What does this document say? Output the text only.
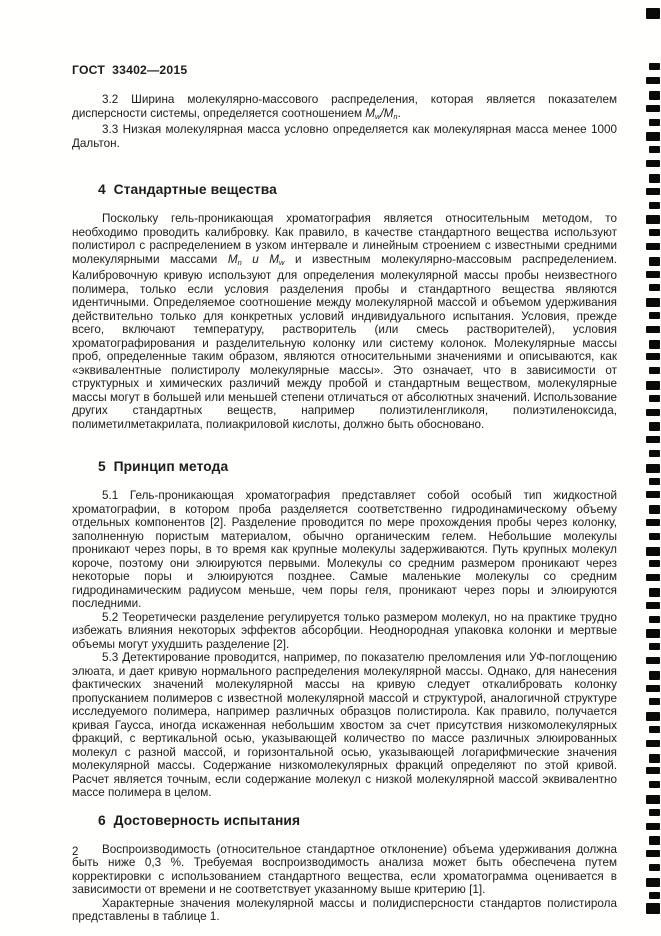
ГОСТ  33402—2015

3.2 Ширина молекулярно-массового распределения, которая является показателем дисперсности системы, определяется соотношением Mw/Mn.

3.3 Низкая молекулярная масса условно определяется как молекулярная масса менее 1000 Дальтон.

4  Стандартные вещества

Поскольку гель-проникающая хроматография является относительным методом, то необходимо проводить калибровку. Как правило, в качестве стандартного вещества используют полистирол с распределением в узком интервале и линейным строением с известными средними молекулярными массами Mn и Mw и известным молекулярно-массовым распределением. Калибровочную кривую используют для определения молекулярной массы пробы неизвестного полимера, только если условия разделения пробы и стандартного вещества являются идентичными. Определяемое соотношение между молекулярной массой и объемом удерживания действительно только для конкретных условий индивидуального испытания. Условия, прежде всего, включают температуру, растворитель (или смесь растворителей), условия хроматографирования и разделительную колонку или систему колонок. Молекулярные массы проб, определенные таким образом, являются относительными значениями и описываются, как «эквивалентные полистиролу молекулярные массы». Это означает, что в зависимости от структурных и химических различий между пробой и стандартным веществом, молекулярные массы могут в большей или меньшей степени отличаться от абсолютных значений. Использование других стандартных веществ, например полиэтиленгликоля, полиэтиленоксида, полиметилметакрилата, полиакриловой кислоты, должно быть обосновано.

5  Принцип метода

5.1 Гель-проникающая хроматография представляет собой особый тип жидкостной хроматографии, в котором проба разделяется соответственно гидродинамическому объему отдельных компонентов [2]. Разделение проводится по мере прохождения пробы через колонку, заполненную пористым материалом, обычно органическим гелем. Небольшие молекулы проникают через поры, в то время как крупные молекулы задерживаются. Путь крупных молекул короче, поэтому они элюируются первыми. Молекулы со средним размером проникают через некоторые поры и элюируются позднее. Самые маленькие молекулы со средним гидродинамическим радиусом меньше, чем поры геля, проникают через поры и элюируются последними.

5.2 Теоретически разделение регулируется только размером молекул, но на практике трудно избежать влияния некоторых эффектов абсорбции. Неоднородная упаковка колонки и мертвые объемы могут ухудшить разделение [2].

5.3 Детектирование проводится, например, по показателю преломления или УФ-поглощению элюата, и дает кривую нормального распределения молекулярной массы. Однако, для нанесения фактических значений молекулярной массы на кривую следует откалибровать колонку пропусканием полимеров с известной молекулярной массой и структурой, аналогичной структуре исследуемого полимера, например различных образцов полистирола. Как правило, получается кривая Гаусса, иногда искаженная небольшим хвостом за счет присутствия низкомолекулярных фракций, с вертикальной осью, указывающей количество по массе различных элюированных молекул с разной массой, и горизонтальной осью, указывающей логарифмические значения молекулярной массы. Содержание низкомолекулярных фракций определяют по этой кривой. Расчет является точным, если содержание молекул с низкой молекулярной массой эквивалентно массе полимера в целом.

6  Достоверность испытания

Воспроизводимость (относительное стандартное отклонение) объема удерживания должна быть ниже 0,3 %. Требуемая воспроизводимость анализа может быть обеспечена путем корректировки с использованием стандартного вещества, если хроматограмма оценивается в зависимости от времени и не соответствует указанному выше критерию [1].

Характерные значения молекулярной массы и полидисперсности стандартов полистирола представлены в таблице 1.

2
